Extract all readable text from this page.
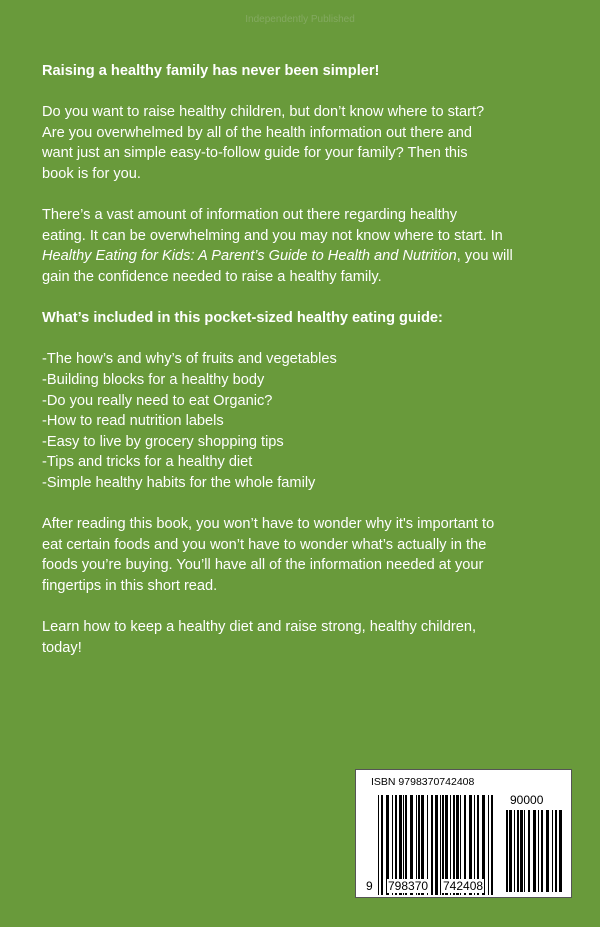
Independently Published

Raising a healthy family has never been simpler!

Do you want to raise healthy children, but don’t know where to start?
Are you overwhelmed by all of the health information out there and
want just an simple easy-to-follow guide for your family? Then this
book is for you.

There’s a vast amount of information out there regarding healthy
eating. It can be overwhelming and you may not know where to start. In
Healthy Eating for Kids: A Parent’s Guide to Health and Nutrition, you will
gain the confidence needed to raise a healthy family.

What’s included in this pocket-sized healthy eating guide:

-The how’s and why’s of fruits and vegetables
-Building blocks for a healthy body
-Do you really need to eat Organic?
-How to read nutrition labels
-Easy to live by grocery shopping tips
-Tips and tricks for a healthy diet
-Simple healthy habits for the whole family

After reading this book, you won’t have to wonder why it's important to
eat certain foods and you won’t have to wonder what’s actually in the
foods you’re buying. You’ll have all of the information needed at your
fingertips in this short read.

Learn how to keep a healthy diet and raise strong, healthy children,
today!

ISBN 9798370742408
90000
9 798370 742408
